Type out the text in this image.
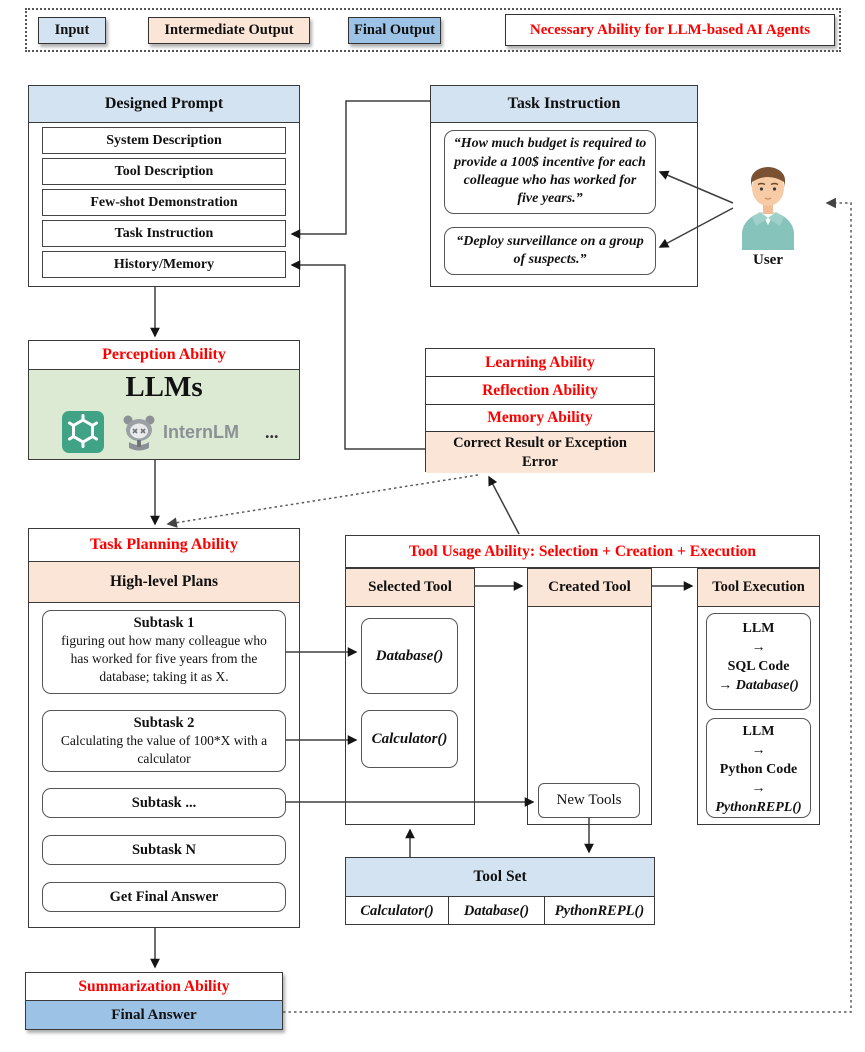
Input	Intermediate Output	Final Output	Necessary Ability for LLM-based AI Agents
Designed Prompt
System Description
Tool Description
Few-shot Demonstration
Task Instruction
History/Memory
Task Instruction
“How much budget is required to provide a 100$ incentive for each colleague who has worked for five years.”
“Deploy surveillance on a group of suspects.”	User
Perception Ability
LLMs
InternLM ...
Learning Ability
Reflection Ability
Memory Ability
Correct Result or Exception Error
Task Planning Ability
High-level Plans
Subtask 1
figuring out how many colleague who has worked for five years from the database; taking it as X.
Subtask 2
Calculating the value of 100*X with a calculator
Subtask ...
Subtask N
Get Final Answer
Tool Usage Ability: Selection + Creation + Execution
Selected Tool
Database()
Calculator()
Created Tool
New Tools
Tool Execution
LLM
→
SQL Code
→ Database()
LLM
→
Python Code
→
PythonREPL()
Tool Set
Calculator() Database() PythonREPL()
Summarization Ability
Final Answer
